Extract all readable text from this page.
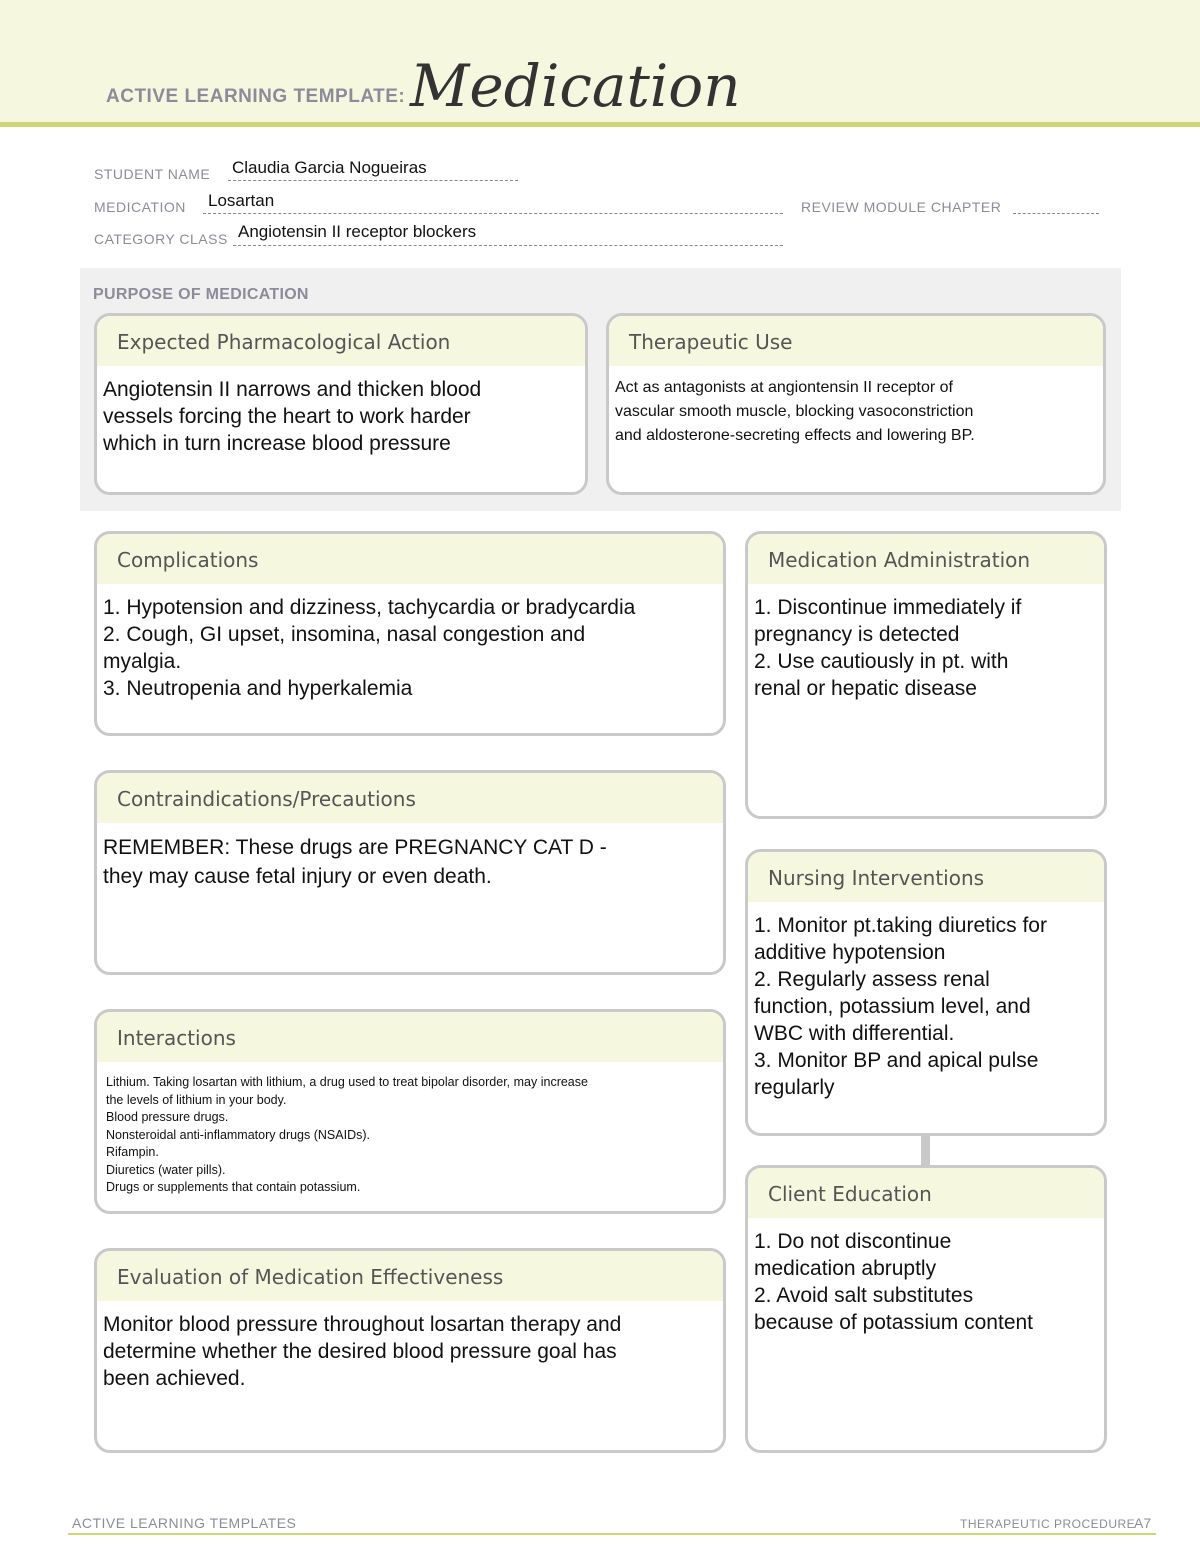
ACTIVE LEARNING TEMPLATE: Medication
STUDENT NAME Claudia Garcia Nogueiras
MEDICATION Losartan	REVIEW MODULE CHAPTER
CATEGORY CLASS Angiotensin II receptor blockers
PURPOSE OF MEDICATION
Expected Pharmacological Action
Angiotensin II narrows and thicken blood
vessels forcing the heart to work harder
which in turn increase blood pressure
Therapeutic Use
Act as antagonists at angiontensin II receptor of
vascular smooth muscle, blocking vasoconstriction
and aldosterone-secreting effects and lowering BP.
Complications
1. Hypotension and dizziness, tachycardia or bradycardia
2. Cough, GI upset, insomina, nasal congestion and
myalgia.
3. Neutropenia and hyperkalemia
Medication Administration
1. Discontinue immediately if
pregnancy is detected
2. Use cautiously in pt. with
renal or hepatic disease
Contraindications/Precautions
REMEMBER: These drugs are PREGNANCY CAT D -
they may cause fetal injury or even death.	Nursing Interventions
1. Monitor pt.taking diuretics for
additive hypotension
2. Regularly assess renal
function, potassium level, and
WBC with differential.
3. Monitor BP and apical pulse
regularly
Interactions
Lithium. Taking losartan with lithium, a drug used to treat bipolar disorder, may increase
the levels of lithium in your body.
Blood pressure drugs.
Nonsteroidal anti-inflammatory drugs (NSAIDs).
Rifampin.
Diuretics (water pills).
Drugs or supplements that contain potassium.	Client Education
1. Do not discontinue
medication abruptly
2. Avoid salt substitutes
because of potassium content
Evaluation of Medication Effectiveness
Monitor blood pressure throughout losartan therapy and
determine whether the desired blood pressure goal has
been achieved.
ACTIVE LEARNING TEMPLATES	THERAPEUTIC PROCEDURE
A7
